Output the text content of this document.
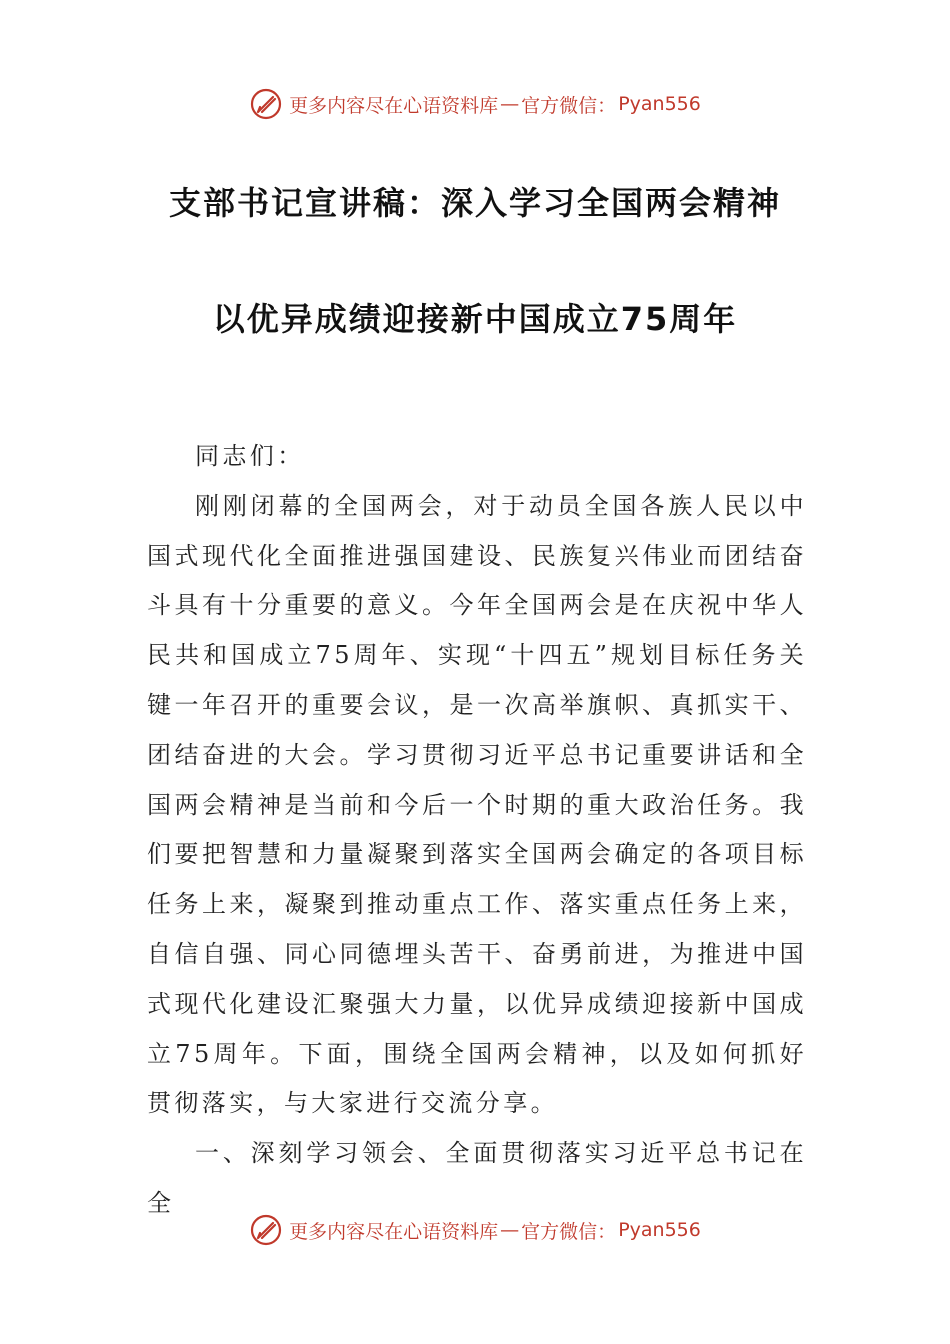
更多内容尽在心语资料库 — 官方微信： Pyan556
支部书记宣讲稿：深入学习全国两会精神
以优异成绩迎接新中国成立75周年

同志们：

刚刚闭幕的全国两会，对于动员全国各族人民以中国式现代化全面推进强国建设、民族复兴伟业而团结奋斗具有十分重要的意义。今年全国两会是在庆祝中华人民共和国成立75周年、实现“十四五”规划目标任务关键一年召开的重要会议，是一次高举旗帜、真抓实干、团结奋进的大会。学习贯彻习近平总书记重要讲话和全国两会精神是当前和今后一个时期的重大政治任务。我们要把智慧和力量凝聚到落实全国两会确定的各项目标任务上来，凝聚到推动重点工作、落实重点任务上来，自信自强、同心同德埋头苦干、奋勇前进，为推进中国式现代化建设汇聚强大力量，以优异成绩迎接新中国成立75周年。下面，围绕全国两会精神，以及如何抓好贯彻落实，与大家进行交流分享。

一、深刻学习领会、全面贯彻落实习近平总书记在全

更多内容尽在心语资料库 — 官方微信： Pyan556
